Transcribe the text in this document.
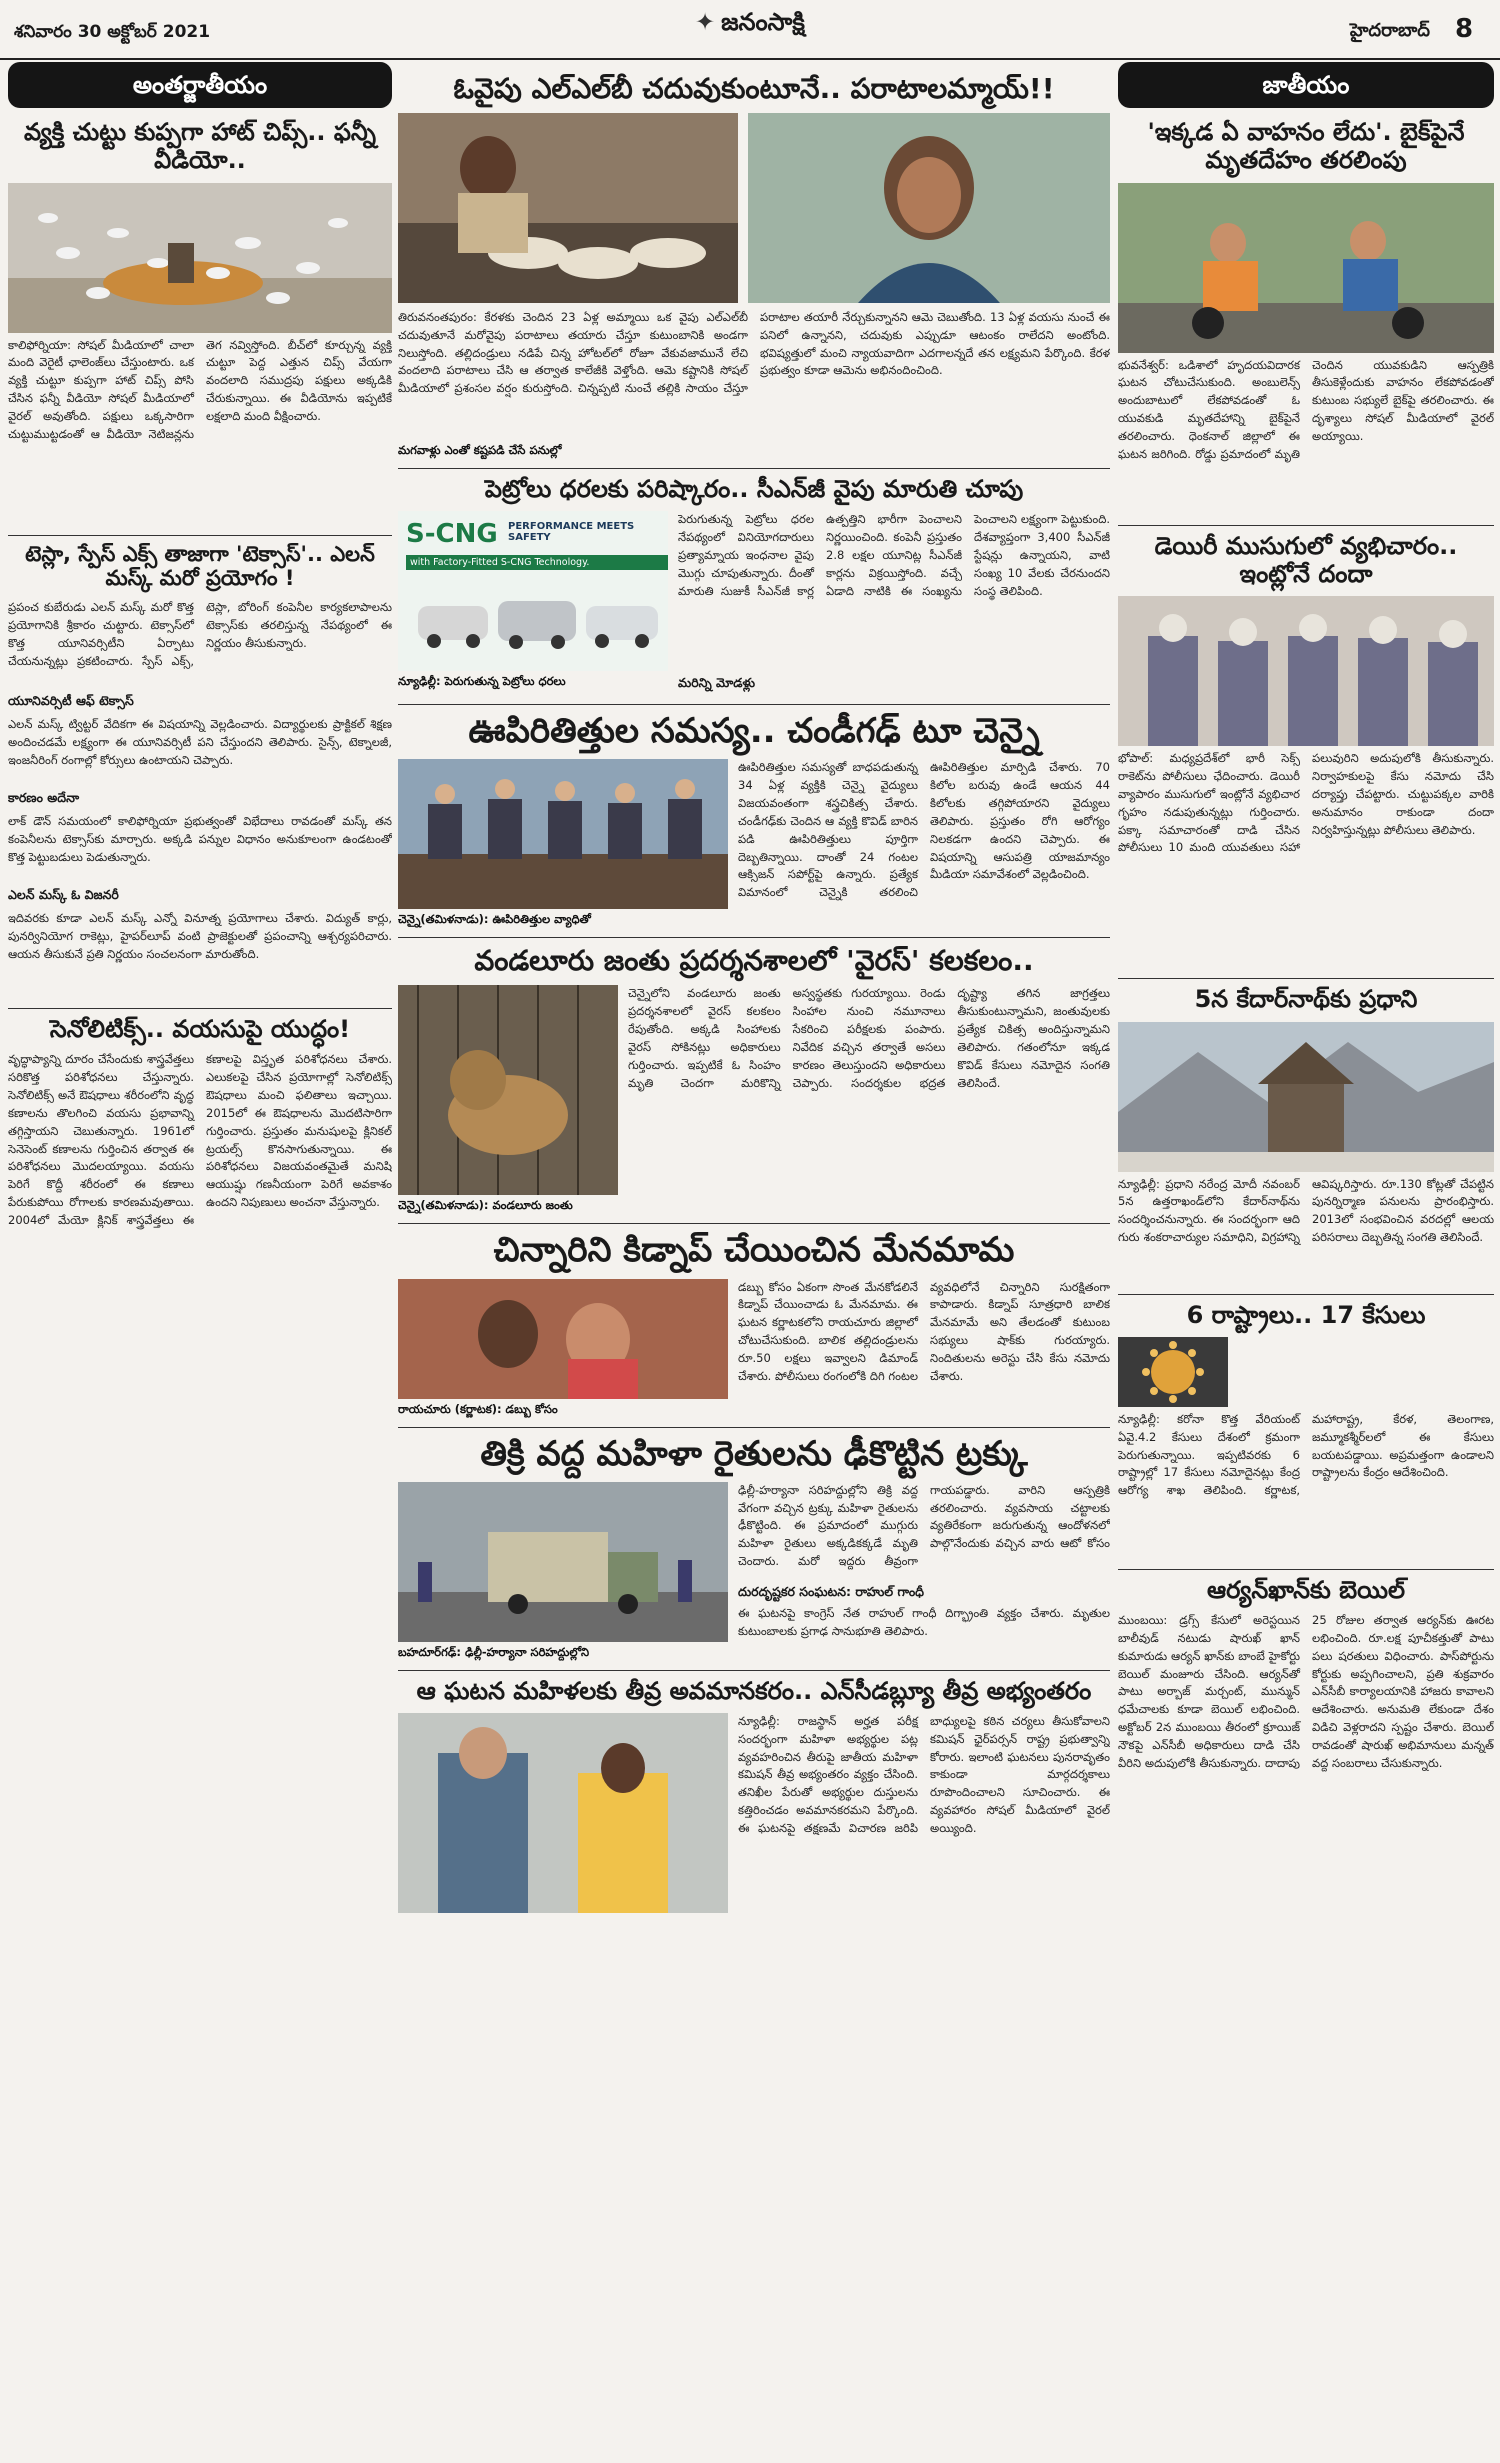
శనివారం 30 అక్టోబర్ 2021	✦ జనంసాక్షి	హైదరాబాద్ 8
అంతర్జాతీయం
వ్యక్తి చుట్టు కుప్పగా హాట్ చిప్స్.. ఫన్నీ వీడియో..
కాలిఫోర్నియా: సోషల్ మీడియాలో చాలా మంది వెరైటీ ఛాలెంజ్‌లు చేస్తుంటారు. ఒక వ్యక్తి చుట్టూ కుప్పగా హాట్ చిప్స్ పోసి చేసిన ఫన్నీ వీడియో సోషల్ మీడియాలో వైరల్ అవుతోంది. పక్షులు ఒక్కసారిగా చుట్టుముట్టడంతో ఆ వీడియో నెటిజన్లను తెగ నవ్విస్తోంది. బీచ్‌లో కూర్చున్న వ్యక్తి చుట్టూ పెద్ద ఎత్తున చిప్స్ వేయగా వందలాది సముద్రపు పక్షులు అక్కడికి చేరుకున్నాయి. ఈ వీడియోను ఇప్పటికే లక్షలాది మంది వీక్షించారు.
టెస్లా, స్పేస్ ఎక్స్ తాజాగా 'టెక్సాస్'.. ఎలన్ మస్క్ మరో ప్రయోగం !
ప్రపంచ కుబేరుడు ఎలన్ మస్క్ మరో కొత్త ప్రయోగానికి శ్రీకారం చుట్టారు. టెక్సాస్‌లో కొత్త యూనివర్సిటీని ఏర్పాటు చేయనున్నట్లు ప్రకటించారు. స్పేస్ ఎక్స్, టెస్లా, బోరింగ్ కంపెనీల కార్యకలాపాలను టెక్సాస్‌కు తరలిస్తున్న నేపథ్యంలో ఈ నిర్ణయం తీసుకున్నారు.
యూనివర్సిటీ ఆఫ్ టెక్సాస్
ఎలన్ మస్క్ ట్విట్టర్ వేదికగా ఈ విషయాన్ని వెల్లడించారు. విద్యార్థులకు ప్రాక్టికల్ శిక్షణ అందించడమే లక్ష్యంగా ఈ యూనివర్సిటీ పని చేస్తుందని తెలిపారు. సైన్స్, టెక్నాలజీ, ఇంజనీరింగ్ రంగాల్లో కోర్సులు ఉంటాయని చెప్పారు.
కారణం అదేనా
లాక్ డౌన్ సమయంలో కాలిఫోర్నియా ప్రభుత్వంతో విభేదాలు రావడంతో మస్క్ తన కంపెనీలను టెక్సాస్‌కు మార్చారు. అక్కడి పన్నుల విధానం అనుకూలంగా ఉండటంతో కొత్త పెట్టుబడులు పెడుతున్నారు.
ఎలన్ మస్క్ ఓ విజనరీ
ఇదివరకు కూడా ఎలన్ మస్క్ ఎన్నో వినూత్న ప్రయోగాలు చేశారు. విద్యుత్ కార్లు, పునర్వినియోగ రాకెట్లు, హైపర్‌లూప్ వంటి ప్రాజెక్టులతో ప్రపంచాన్ని ఆశ్చర్యపరిచారు. ఆయన తీసుకునే ప్రతి నిర్ణయం సంచలనంగా మారుతోంది.
సెనోలిటిక్స్.. వయసుపై యుద్ధం!
వృద్ధాప్యాన్ని దూరం చేసేందుకు శాస్త్రవేత్తలు సరికొత్త పరిశోధనలు చేస్తున్నారు. సెనోలిటిక్స్ అనే ఔషధాలు శరీరంలోని వృద్ధ కణాలను తొలగించి వయసు ప్రభావాన్ని తగ్గిస్తాయని చెబుతున్నారు. 1961లో సెనెసెంట్ కణాలను గుర్తించిన తర్వాత ఈ పరిశోధనలు మొదలయ్యాయి. వయసు పెరిగే కొద్దీ శరీరంలో ఈ కణాలు పేరుకుపోయి రోగాలకు కారణమవుతాయి. 2004లో మేయో క్లినిక్ శాస్త్రవేత్తలు ఈ కణాలపై విస్తృత పరిశోధనలు చేశారు. ఎలుకలపై చేసిన ప్రయోగాల్లో సెనోలిటిక్స్ ఔషధాలు మంచి ఫలితాలు ఇచ్చాయి. 2015లో ఈ ఔషధాలను మొదటిసారిగా గుర్తించారు. ప్రస్తుతం మనుషులపై క్లినికల్ ట్రయల్స్ కొనసాగుతున్నాయి. ఈ పరిశోధనలు విజయవంతమైతే మనిషి ఆయుష్షు గణనీయంగా పెరిగే అవకాశం ఉందని నిపుణులు అంచనా వేస్తున్నారు.
ఓవైపు ఎల్ఎల్‌బీ చదువుకుంటూనే.. పరాటాలమ్మాయ్!!
తిరువనంతపురం: కేరళకు చెందిన 23 ఏళ్ల అమ్మాయి ఒక వైపు ఎల్ఎల్‌బీ చదువుతూనే మరోవైపు పరాటాలు తయారు చేస్తూ కుటుంబానికి అండగా నిలుస్తోంది. తల్లిదండ్రులు నడిపే చిన్న హోటల్‌లో రోజూ వేకువజామునే లేచి వందలాది పరాటాలు చేసి ఆ తర్వాత కాలేజీకి వెళ్తోంది. ఆమె కష్టానికి సోషల్ మీడియాలో ప్రశంసల వర్షం కురుస్తోంది. చిన్నప్పటి నుంచే తల్లికి సాయం చేస్తూ పరాటాల తయారీ నేర్చుకున్నానని ఆమె చెబుతోంది. 13 ఏళ్ల వయసు నుంచే ఈ పనిలో ఉన్నానని, చదువుకు ఎప్పుడూ ఆటంకం రాలేదని అంటోంది. భవిష్యత్తులో మంచి న్యాయవాదిగా ఎదగాలన్నదే తన లక్ష్యమని పేర్కొంది. కేరళ ప్రభుత్వం కూడా ఆమెను అభినందించింది.
మగవాళ్లు ఎంతో కష్టపడి చేసే పనుల్లో
పెట్రోలు ధరలకు పరిష్కారం.. సీఎన్‌జీ వైపు మారుతి చూపు
S-CNG PERFORMANCE MEETS SAFETY
with Factory-Fitted S-CNG Technology.
పెరుగుతున్న పెట్రోలు ధరల నేపథ్యంలో వినియోగదారులు ప్రత్యామ్నాయ ఇంధనాల వైపు మొగ్గు చూపుతున్నారు. దీంతో మారుతి సుజుకీ సీఎన్‌జీ కార్ల ఉత్పత్తిని భారీగా పెంచాలని నిర్ణయించింది. కంపెనీ ప్రస్తుతం 2.8 లక్షల యూనిట్ల సీఎన్‌జీ కార్లను విక్రయిస్తోంది. వచ్చే ఏడాది నాటికి ఈ సంఖ్యను పెంచాలని లక్ష్యంగా పెట్టుకుంది. దేశవ్యాప్తంగా 3,400 సీఎన్‌జీ స్టేషన్లు ఉన్నాయని, వాటి సంఖ్య 10 వేలకు చేరనుందని సంస్థ తెలిపింది.
న్యూఢిల్లీ: పెరుగుతున్న పెట్రోలు ధరలు	మరిన్ని మోడళ్లు
ఊపిరితిత్తుల సమస్య.. చండీగఢ్ టూ చెన్నై
ఊపిరితిత్తుల సమస్యతో బాధపడుతున్న 34 ఏళ్ల వ్యక్తికి చెన్నై వైద్యులు విజయవంతంగా శస్త్రచికిత్స చేశారు. చండీగఢ్‌కు చెందిన ఆ వ్యక్తి కొవిడ్ బారిన పడి ఊపిరితిత్తులు పూర్తిగా దెబ్బతిన్నాయి. దాంతో 24 గంటల ఆక్సిజన్ సపోర్ట్‌పై ఉన్నారు. ప్రత్యేక విమానంలో చెన్నైకి తరలించి ఊపిరితిత్తుల మార్పిడి చేశారు. 70 కిలోల బరువు ఉండే ఆయన 44 కిలోలకు తగ్గిపోయారని వైద్యులు తెలిపారు. ప్రస్తుతం రోగి ఆరోగ్యం నిలకడగా ఉందని చెప్పారు. ఈ విషయాన్ని ఆసుపత్రి యాజమాన్యం మీడియా సమావేశంలో వెల్లడించింది.
చెన్నై(తమిళనాడు): ఊపిరితిత్తుల వ్యాధితో
వండలూరు జంతు ప్రదర్శనశాలలో 'వైరస్' కలకలం..
చెన్నైలోని వండలూరు జంతు ప్రదర్శనశాలలో వైరస్ కలకలం రేపుతోంది. అక్కడి సింహాలకు వైరస్ సోకినట్లు అధికారులు గుర్తించారు. ఇప్పటికే ఓ సింహం మృతి చెందగా మరికొన్ని అస్వస్థతకు గురయ్యాయి. రెండు సింహాల నుంచి నమూనాలు సేకరించి పరీక్షలకు పంపారు. నివేదిక వచ్చిన తర్వాతే అసలు కారణం తెలుస్తుందని అధికారులు చెప్పారు. సందర్శకుల భద్రత దృష్ట్యా తగిన జాగ్రత్తలు తీసుకుంటున్నామని, జంతువులకు ప్రత్యేక చికిత్స అందిస్తున్నామని తెలిపారు. గతంలోనూ ఇక్కడ కొవిడ్ కేసులు నమోదైన సంగతి తెలిసిందే.
చెన్నై(తమిళనాడు): వండలూరు జంతు
చిన్నారిని కిడ్నాప్ చేయించిన మేనమామ
డబ్బు కోసం ఏకంగా సొంత మేనకోడలినే కిడ్నాప్ చేయించాడు ఓ మేనమామ. ఈ ఘటన కర్ణాటకలోని రాయచూరు జిల్లాలో చోటుచేసుకుంది. బాలిక తల్లిదండ్రులను రూ.50 లక్షలు ఇవ్వాలని డిమాండ్ చేశారు. పోలీసులు రంగంలోకి దిగి గంటల వ్యవధిలోనే చిన్నారిని సురక్షితంగా కాపాడారు. కిడ్నాప్ సూత్రధారి బాలిక మేనమామే అని తేలడంతో కుటుంబ సభ్యులు షాక్‌కు గురయ్యారు. నిందితులను అరెస్టు చేసి కేసు నమోదు చేశారు.
రాయచూరు (కర్ణాటక): డబ్బు కోసం
తిక్రి వద్ద మహిళా రైతులను ఢీకొట్టిన ట్రక్కు
ఢిల్లీ-హర్యానా సరిహద్దుల్లోని తిక్రి వద్ద వేగంగా వచ్చిన ట్రక్కు మహిళా రైతులను ఢీకొట్టింది. ఈ ప్రమాదంలో ముగ్గురు మహిళా రైతులు అక్కడికక్కడే మృతి చెందారు. మరో ఇద్దరు తీవ్రంగా గాయపడ్డారు. వారిని ఆస్పత్రికి తరలించారు. వ్యవసాయ చట్టాలకు వ్యతిరేకంగా జరుగుతున్న ఆందోళనలో పాల్గొనేందుకు వచ్చిన వారు ఆటో కోసం
దురదృష్టకర సంఘటన: రాహుల్ గాంధీ
ఈ ఘటనపై కాంగ్రెస్ నేత రాహుల్ గాంధీ దిగ్భ్రాంతి వ్యక్తం చేశారు. మృతుల కుటుంబాలకు ప్రగాఢ సానుభూతి తెలిపారు.
బహదూర్‌గఢ్: ఢిల్లీ-హర్యానా సరిహద్దుల్లోని
ఆ ఘటన మహిళలకు తీవ్ర అవమానకరం.. ఎన్‌సీడబ్ల్యూ తీవ్ర అభ్యంతరం
న్యూఢిల్లీ: రాజస్థాన్ అర్హత పరీక్ష సందర్భంగా మహిళా అభ్యర్థుల పట్ల వ్యవహరించిన తీరుపై జాతీయ మహిళా కమిషన్ తీవ్ర అభ్యంతరం వ్యక్తం చేసింది. తనిఖీల పేరుతో అభ్యర్థుల దుస్తులను కత్తిరించడం అవమానకరమని పేర్కొంది. ఈ ఘటనపై తక్షణమే విచారణ జరిపి బాధ్యులపై కఠిన చర్యలు తీసుకోవాలని కమిషన్ ఛైర్‌పర్సన్ రాష్ట్ర ప్రభుత్వాన్ని కోరారు. ఇలాంటి ఘటనలు పునరావృతం కాకుండా మార్గదర్శకాలు రూపొందించాలని సూచించారు. ఈ వ్యవహారం సోషల్ మీడియాలో వైరల్ అయ్యింది.
జాతీయం
'ఇక్కడ ఏ వాహనం లేదు'. బైక్‌పైనే మృతదేహం తరలింపు
భువనేశ్వర్: ఒడిశాలో హృదయవిదారక ఘటన చోటుచేసుకుంది. అంబులెన్స్ అందుబాటులో లేకపోవడంతో ఓ యువకుడి మృతదేహాన్ని బైక్‌పైనే తరలించారు. ధెంకనాల్ జిల్లాలో ఈ ఘటన జరిగింది. రోడ్డు ప్రమాదంలో మృతి చెందిన యువకుడిని ఆస్పత్రికి తీసుకెళ్లేందుకు వాహనం లేకపోవడంతో కుటుంబ సభ్యులే బైక్‌పై తరలించారు. ఈ దృశ్యాలు సోషల్ మీడియాలో వైరల్ అయ్యాయి.
డెయిరీ ముసుగులో వ్యభిచారం.. ఇంట్లోనే దందా
భోపాల్: మధ్యప్రదేశ్‌లో భారీ సెక్స్ రాకెట్‌ను పోలీసులు ఛేదించారు. డెయిరీ వ్యాపారం ముసుగులో ఇంట్లోనే వ్యభిచార గృహం నడుపుతున్నట్లు గుర్తించారు. పక్కా సమాచారంతో దాడి చేసిన పోలీసులు 10 మంది యువతులు సహా పలువురిని అదుపులోకి తీసుకున్నారు. నిర్వాహకులపై కేసు నమోదు చేసి దర్యాప్తు చేపట్టారు. చుట్టుపక్కల వారికి అనుమానం రాకుండా దందా నిర్వహిస్తున్నట్లు పోలీసులు తెలిపారు.
5న కేదార్‌నాథ్‌కు ప్రధాని
న్యూఢిల్లీ: ప్రధాని నరేంద్ర మోదీ నవంబర్ 5న ఉత్తరాఖండ్‌లోని కేదార్‌నాథ్‌ను సందర్శించనున్నారు. ఈ సందర్భంగా ఆది గురు శంకరాచార్యుల సమాధిని, విగ్రహాన్ని ఆవిష్కరిస్తారు. రూ.130 కోట్లతో చేపట్టిన పునర్నిర్మాణ పనులను ప్రారంభిస్తారు. 2013లో సంభవించిన వరదల్లో ఆలయ పరిసరాలు దెబ్బతిన్న సంగతి తెలిసిందే.
6 రాష్ట్రాలు.. 17 కేసులు
న్యూఢిల్లీ: కరోనా కొత్త వేరియంట్ ఏవై.4.2 కేసులు దేశంలో క్రమంగా పెరుగుతున్నాయి. ఇప్పటివరకు 6 రాష్ట్రాల్లో 17 కేసులు నమోదైనట్లు కేంద్ర ఆరోగ్య శాఖ తెలిపింది. కర్ణాటక, మహారాష్ట్ర, కేరళ, తెలంగాణ, జమ్మూకశ్మీర్‌లలో ఈ కేసులు బయటపడ్డాయి. అప్రమత్తంగా ఉండాలని రాష్ట్రాలను కేంద్రం ఆదేశించింది.
ఆర్యన్‌ఖాన్‌కు బెయిల్
ముంబయి: డ్రగ్స్ కేసులో అరెస్టయిన బాలీవుడ్ నటుడు షారుఖ్ ఖాన్ కుమారుడు ఆర్యన్ ఖాన్‌కు బాంబే హైకోర్టు బెయిల్ మంజూరు చేసింది. ఆర్యన్‌తో పాటు అర్బాజ్ మర్చంట్, మున్మున్ ధమేచాలకు కూడా బెయిల్ లభించింది. అక్టోబర్ 2న ముంబయి తీరంలో క్రూయిజ్ నౌకపై ఎన్‌సీబీ అధికారులు దాడి చేసి వీరిని అదుపులోకి తీసుకున్నారు. దాదాపు 25 రోజుల తర్వాత ఆర్యన్‌కు ఊరట లభించింది. రూ.లక్ష పూచీకత్తుతో పాటు పలు షరతులు విధించారు. పాస్‌పోర్టును కోర్టుకు అప్పగించాలని, ప్రతి శుక్రవారం ఎన్‌సీబీ కార్యాలయానికి హాజరు కావాలని ఆదేశించారు. అనుమతి లేకుండా దేశం విడిచి వెళ్లరాదని స్పష్టం చేశారు. బెయిల్ రావడంతో షారుఖ్ అభిమానులు మన్నత్ వద్ద సంబరాలు చేసుకున్నారు.
